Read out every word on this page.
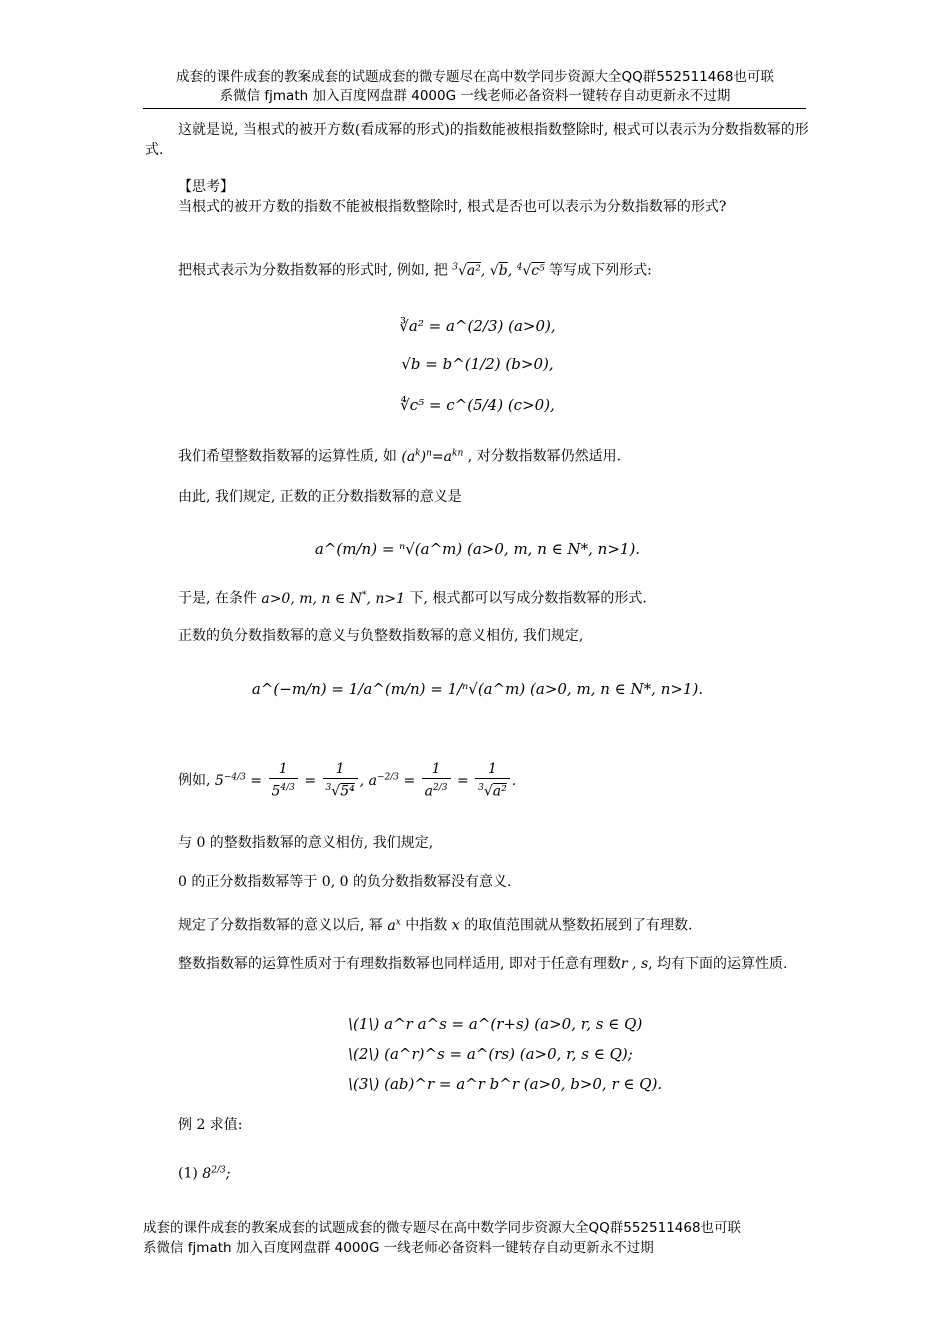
成套的课件成套的教案成套的试题成套的微专题尽在高中数学同步资源大全QQ群552511468也可联
系微信 fjmath 加入百度网盘群 4000G 一线老师必备资料一键转存自动更新永不过期
这就是说, 当根式的被开方数(看成幂的形式)的指数能被根指数整除时, 根式可以表示为分数指数幂的形式.
【思考】
当根式的被开方数的指数不能被根指数整除时, 根式是否也可以表示为分数指数幂的形式?
把根式表示为分数指数幂的形式时, 例如, 把 $^3$√a², √b, $^4$√c⁵ 等写成下列形式:
∛a² = a^(2/3) (a>0),
√b = b^(1/2) (b>0),
∜c⁵ = c^(5/4) (c>0),
我们希望整数指数幂的运算性质, 如 $(a^k)^n=a^{kn}$ , 对分数指数幂仍然适用.
由此, 我们规定, 正数的正分数指数幂的意义是
a^(m/n) = ⁿ√(a^m) (a>0, m, n ∈ N*, n>1).
于是, 在条件 a>0, m, n ∈ N*, n>1 下, 根式都可以写成分数指数幂的形式.
正数的负分数指数幂的意义与负整数指数幂的意义相仿, 我们规定,
a^(−m/n) = 1/a^(m/n) = 1/ⁿ√(a^m) (a>0, m, n ∈ N*, n>1).
例如, $5^{-4/3} = \frac{1}{5^{4/3}} = \frac{1}{^3√5^4}$ , $a^{-2/3} = \frac{1}{a^{2/3}} = \frac{1}{^3√a^2}$ .
与 0 的整数指数幂的意义相仿, 我们规定,
0 的正分数指数幂等于 0, 0 的负分数指数幂没有意义.
规定了分数指数幂的意义以后, 幂 $a^x$ 中指数 x 的取值范围就从整数拓展到了有理数.
整数指数幂的运算性质对于有理数指数幂也同样适用, 即对于任意有理数r , s, 均有下面的运算性质.
\(1\) a^r a^s = a^(r+s) (a>0, r, s ∈ Q)
\(2\) (a^r)^s = a^(rs) (a>0, r, s ∈ Q);
\(3\) (ab)^r = a^r b^r (a>0, b>0, r ∈ Q).
例 2 求值:
(1) $8^{2/3}$;
成套的课件成套的教案成套的试题成套的微专题尽在高中数学同步资源大全QQ群552511468也可联
系微信 fjmath 加入百度网盘群 4000G 一线老师必备资料一键转存自动更新永不过期
